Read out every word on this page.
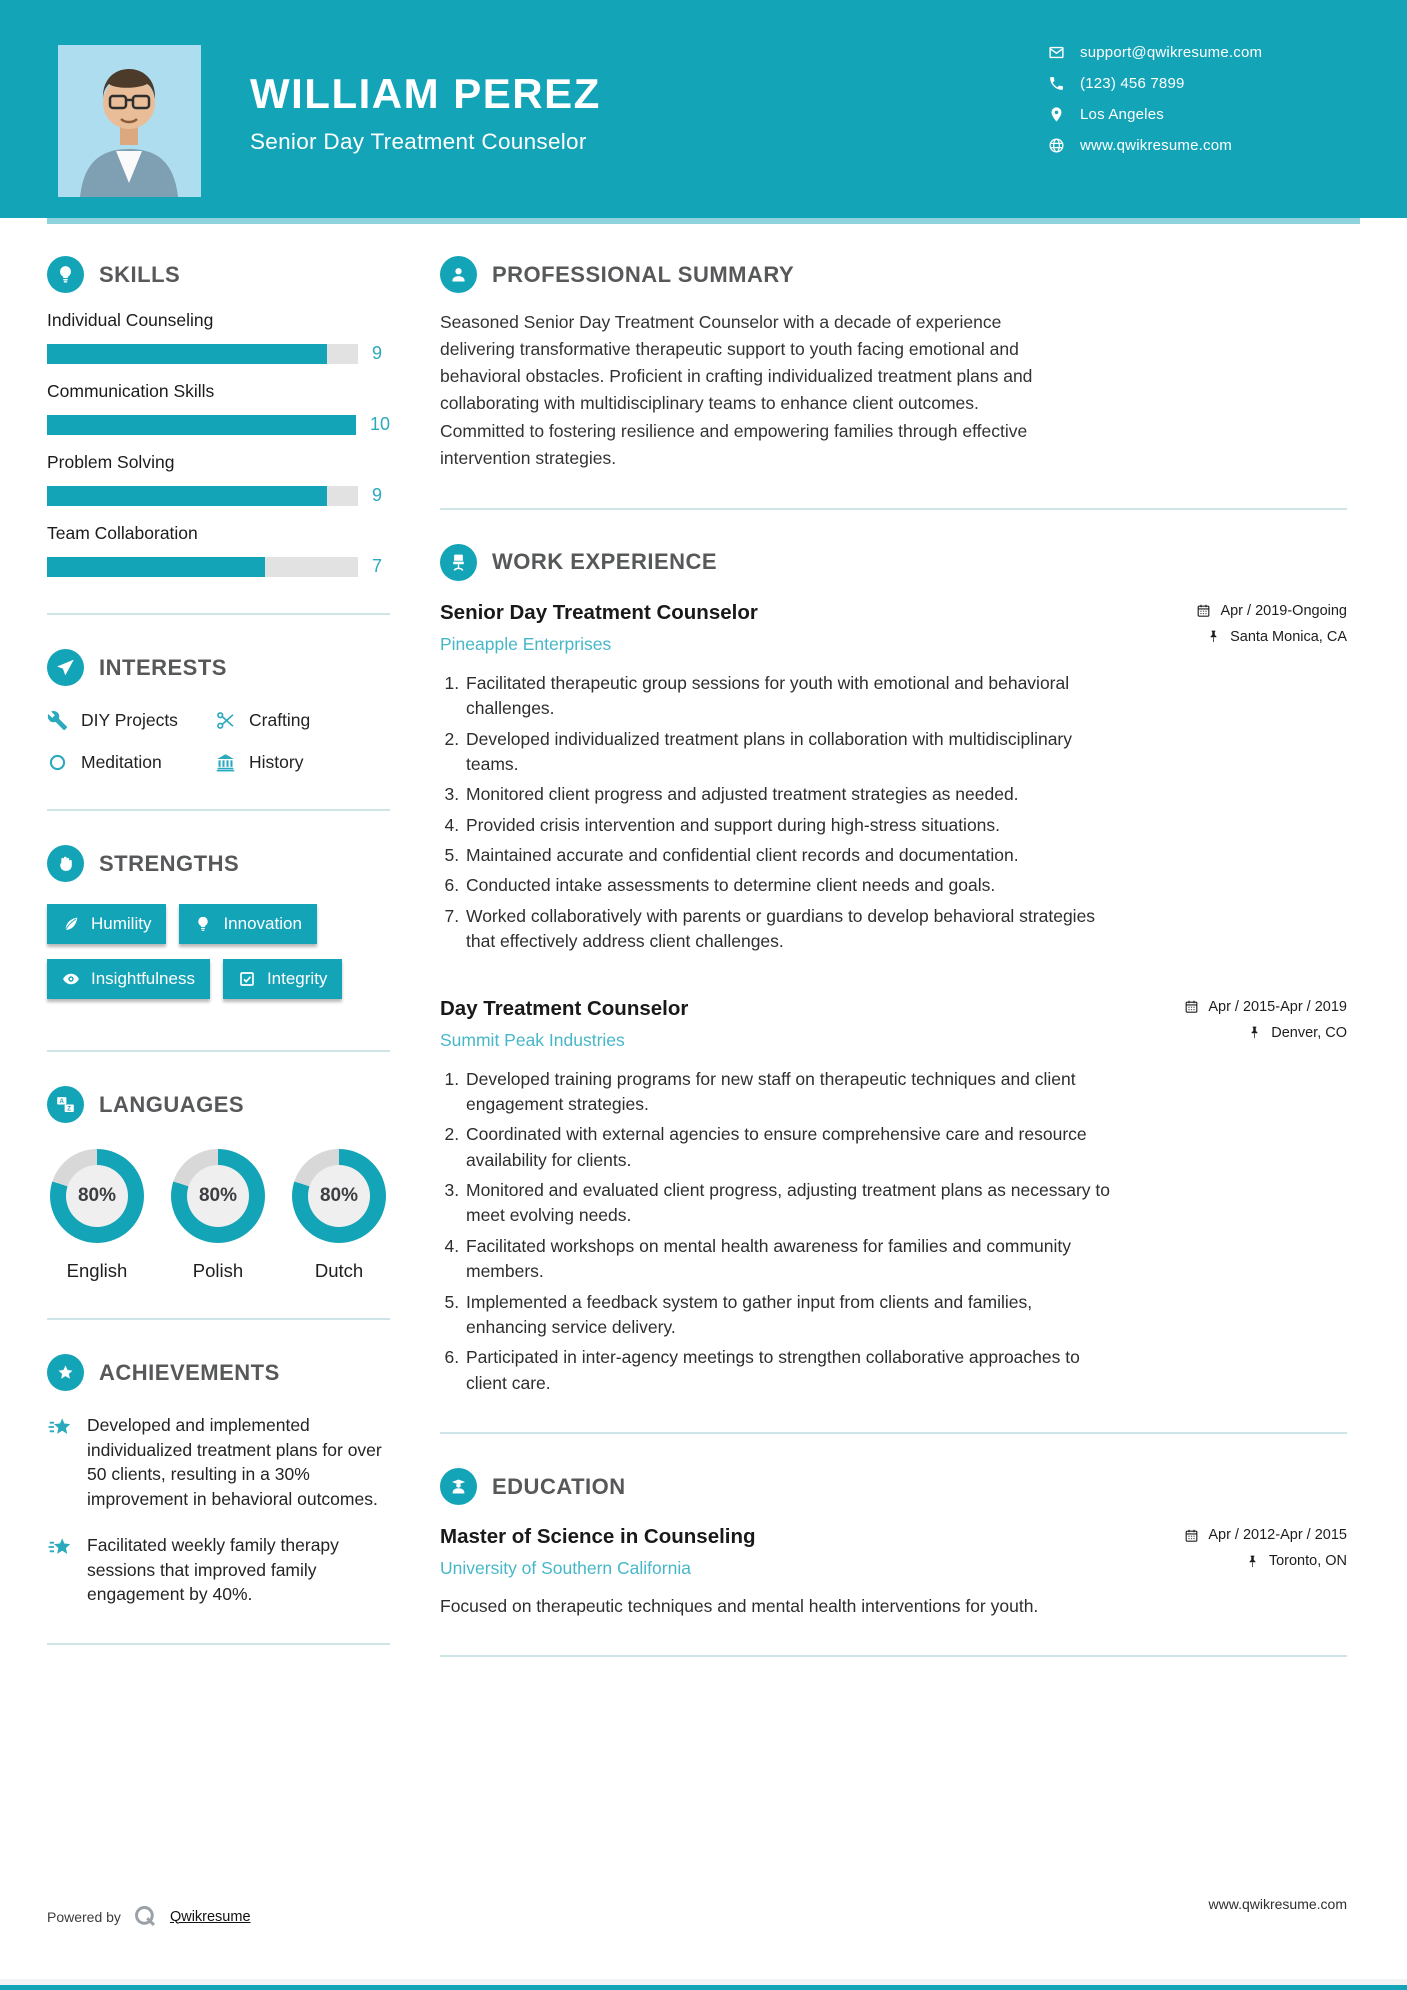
WILLIAM PEREZ
Senior Day Treatment Counselor
support@qwikresume.com
(123) 456 7899
Los Angeles
www.qwikresume.com
SKILLS
Individual Counseling
9
Communication Skills
10
Problem Solving
9
Team Collaboration
7
INTERESTS
DIY Projects	Crafting
Meditation	History
STRENGTHS
Humility	Innovation

Insightfulness	Integrity
A
Z LANGUAGES
80%
English
80%
Polish
80%
Dutch
ACHIEVEMENTS
Developed and implemented individualized treatment plans for over 50 clients, resulting in a 30% improvement in behavioral outcomes.
Facilitated weekly family therapy sessions that improved family engagement by 40%.
PROFESSIONAL SUMMARY

Seasoned Senior Day Treatment Counselor with a decade of experience delivering transformative therapeutic support to youth facing emotional and behavioral obstacles. Proficient in crafting individualized treatment plans and collaborating with multidisciplinary teams to enhance client outcomes. Committed to fostering resilience and empowering families through effective intervention strategies.

WORK EXPERIENCE
Senior Day Treatment Counselor
Pineapple Enterprises
Apr / 2019-Ongoing
Santa Monica, CA
1. Facilitated therapeutic group sessions for youth with emotional and behavioral challenges.
2. Developed individualized treatment plans in collaboration with multidisciplinary teams.
3. Monitored client progress and adjusted treatment strategies as needed.
4. Provided crisis intervention and support during high-stress situations.
5. Maintained accurate and confidential client records and documentation.
6. Conducted intake assessments to determine client needs and goals.
7. Worked collaboratively with parents or guardians to develop behavioral strategies that effectively address client challenges.
Day Treatment Counselor
Summit Peak Industries
Apr / 2015-Apr / 2019
Denver, CO
1. Developed training programs for new staff on therapeutic techniques and client engagement strategies.
2. Coordinated with external agencies to ensure comprehensive care and resource availability for clients.
3. Monitored and evaluated client progress, adjusting treatment plans as necessary to meet evolving needs.
4. Facilitated workshops on mental health awareness for families and community members.
5. Implemented a feedback system to gather input from clients and families, enhancing service delivery.
6. Participated in inter-agency meetings to strengthen collaborative approaches to client care.
EDUCATION
Master of Science in Counseling
University of Southern California
Apr / 2012-Apr / 2015
Toronto, ON

Focused on therapeutic techniques and mental health interventions for youth.

Powered by	Qwikresume
www.qwikresume.com
